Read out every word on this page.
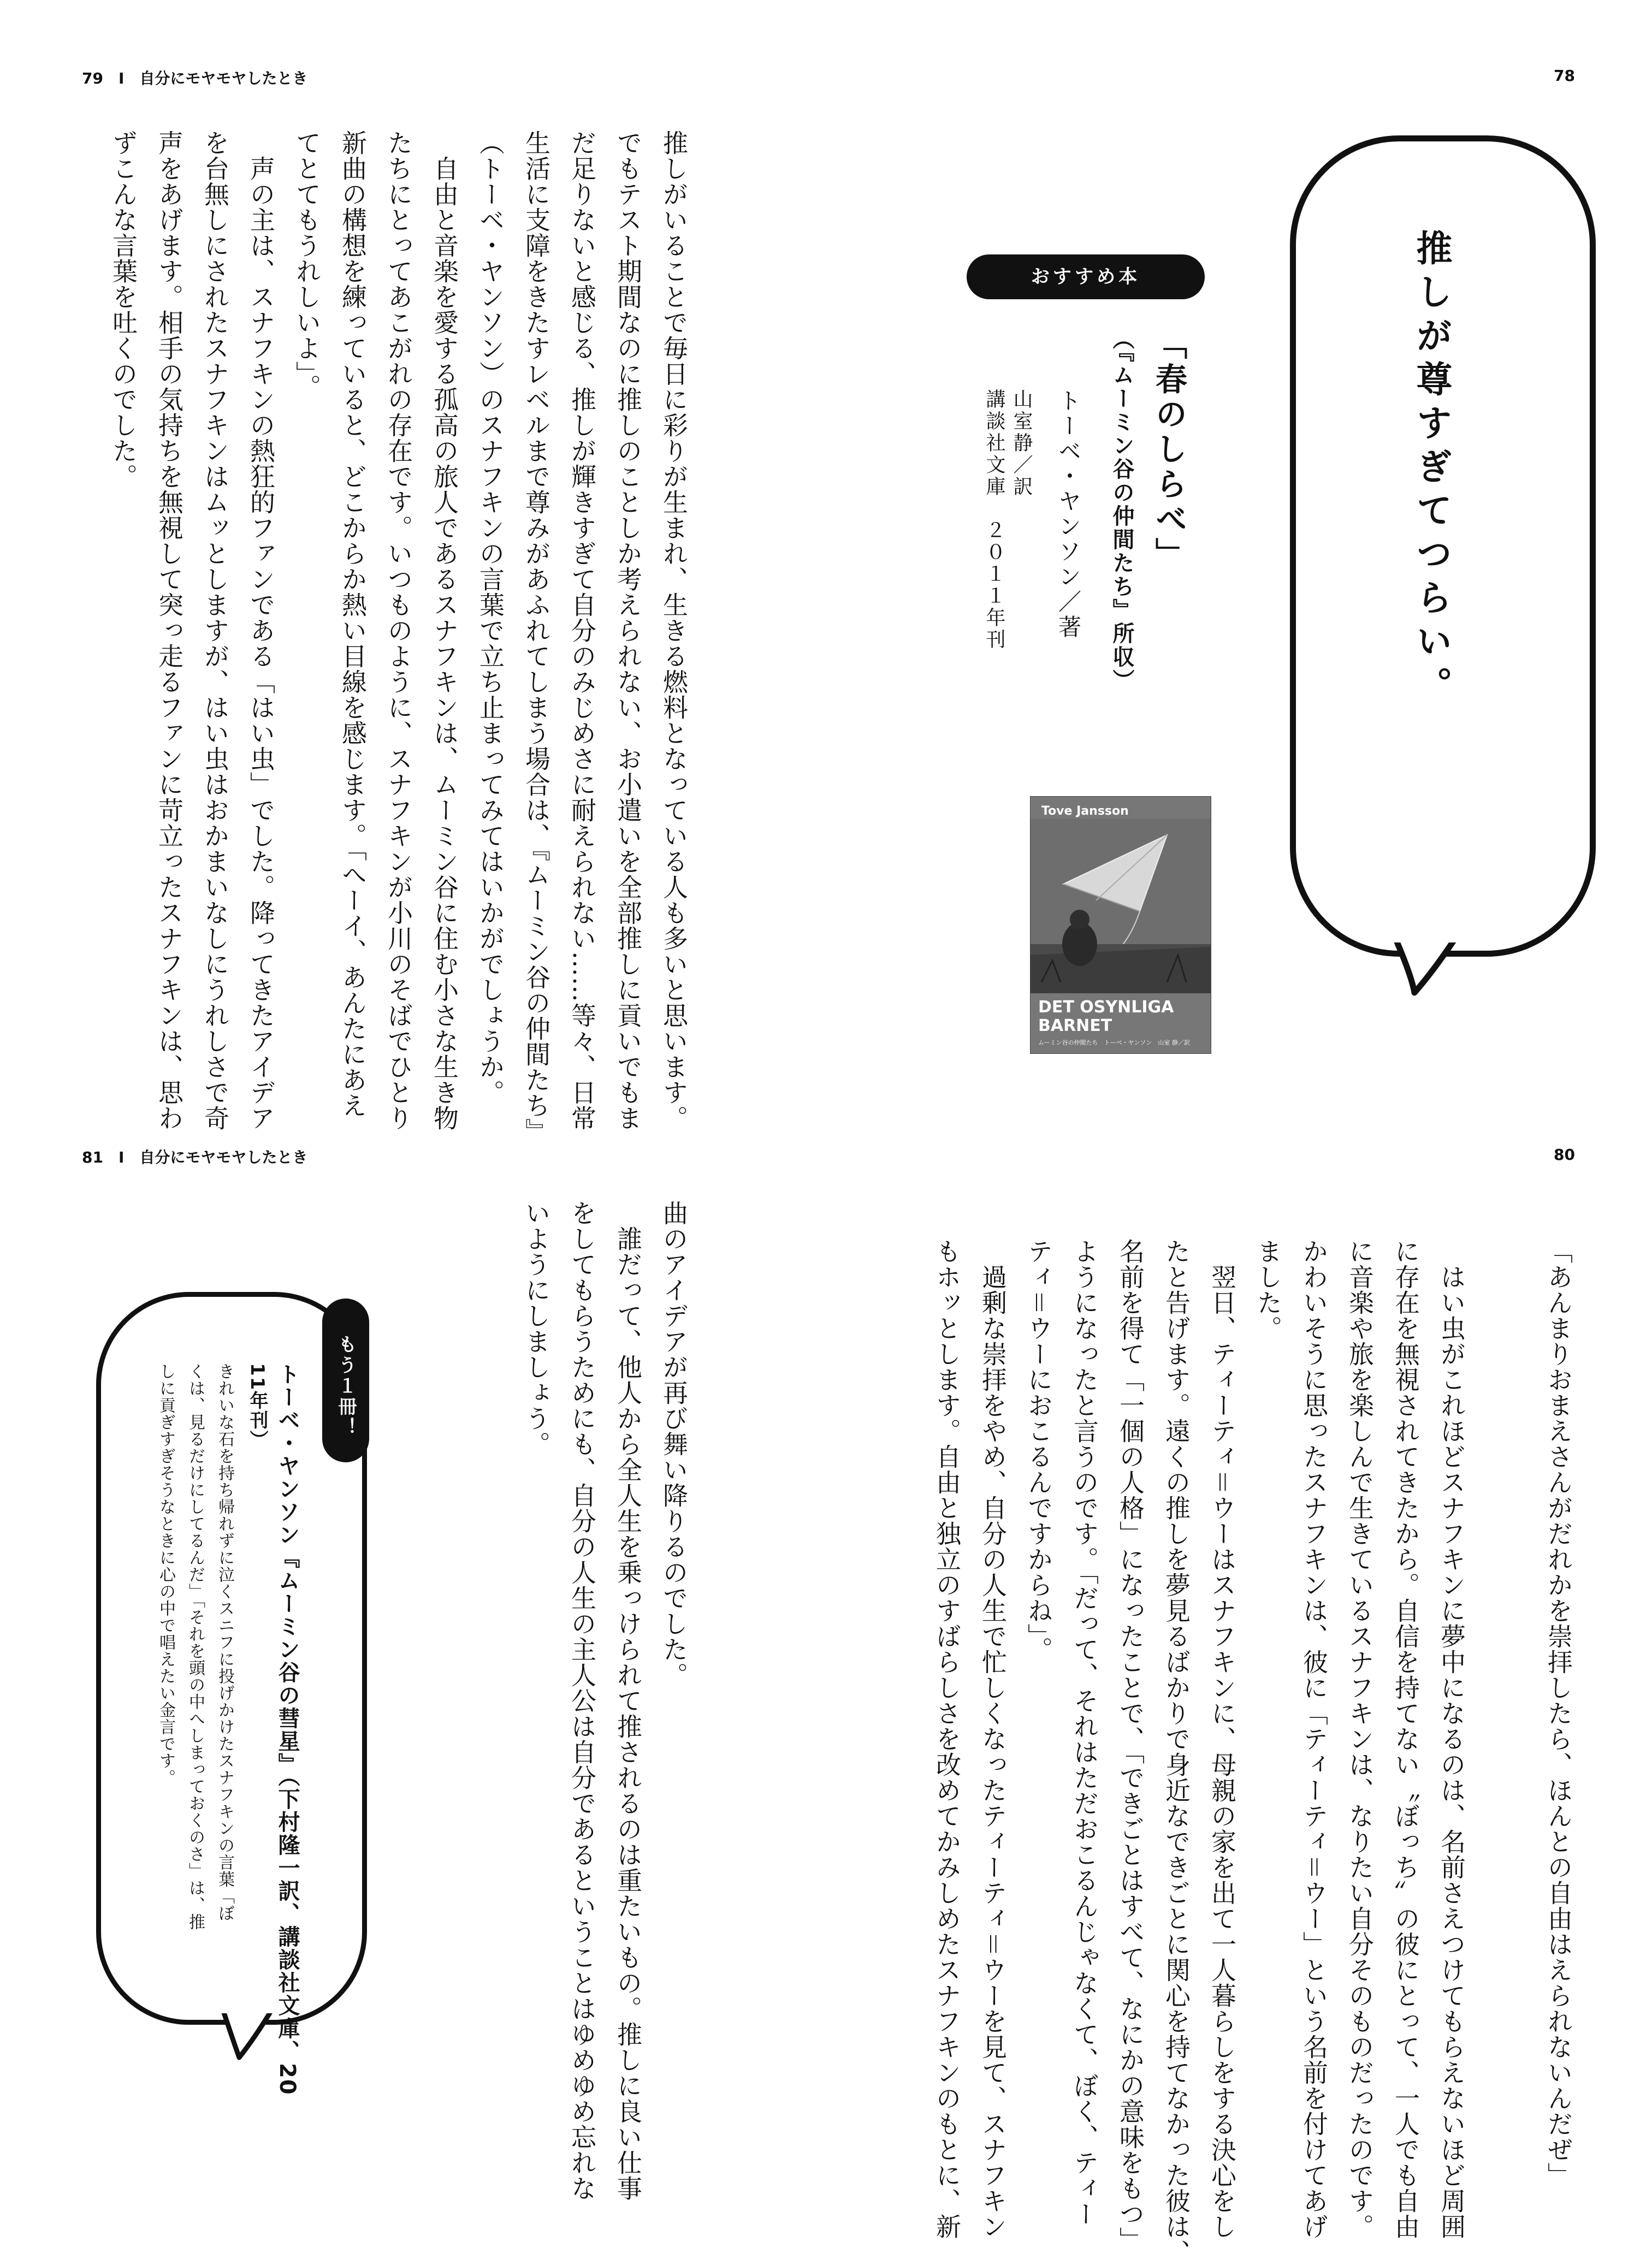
79　I　自分にモヤモヤしたとき	78
81　I　自分にモヤモヤしたとき	80
推しが尊すぎてつらい。
おすすめ本
「春のしらべ」
（『ムーミン谷の仲間たち』所収）
トーベ・ヤンソン／著
山室静／訳
講談社文庫　２０１１年刊
Tove Jansson
DET OSYNLIGA
BARNET
ムーミン谷の仲間たち　トーベ・ヤンソン　山室 静／訳
推しがいることで毎日に彩りが生まれ、生きる燃料となっている人も多いと思います。
でもテスト期間なのに推しのことしか考えられない、お小遣いを全部推しに貢いでもま
だ足りないと感じる、推しが輝きすぎて自分のみじめさに耐えられない……等々、日常
生活に支障をきたすレベルまで尊みがあふれてしまう場合は、『ムーミン谷の仲間たち』
（トーベ・ヤンソン）のスナフキンの言葉で立ち止まってみてはいかがでしょうか。
　自由と音楽を愛する孤高の旅人であるスナフキンは、ムーミン谷に住む小さな生き物
たちにとってあこがれの存在です。いつものように、スナフキンが小川のそばでひとり
新曲の構想を練っていると、どこからか熱い目線を感じます。「へーイ、あんたにあえ
てとてもうれしいよ」。
　声の主は、スナフキンの熱狂的ファンである「はい虫」でした。降ってきたアイデア
を台無しにされたスナフキンはムッとしますが、はい虫はおかまいなしにうれしさで奇
声をあげます。相手の気持ちを無視して突っ走るファンに苛立ったスナフキンは、思わ
ずこんな言葉を吐くのでした。
「あんまりおまえさんがだれかを崇拝したら、ほんとの自由はえられないんだぜ」
　はい虫がこれほどスナフキンに夢中になるのは、名前さえつけてもらえないほど周囲
に存在を無視されてきたから。自信を持てない〝ぼっち〟の彼にとって、一人でも自由
に音楽や旅を楽しんで生きているスナフキンは、なりたい自分そのものだったのです。
かわいそうに思ったスナフキンは、彼に「ティーティ＝ウー」という名前を付けてあげ
ました。
　翌日、ティーティ＝ウーはスナフキンに、母親の家を出て一人暮らしをする決心をし
たと告げます。遠くの推しを夢見るばかりで身近なできごとに関心を持てなかった彼は、
名前を得て「一個の人格」になったことで、「できごとはすべて、なにかの意味をもつ」
ようになったと言うのです。「だって、それはただおこるんじゃなくて、ぼく、ティー
ティ＝ウーにおこるんですからね」。
　過剰な崇拝をやめ、自分の人生で忙しくなったティーティ＝ウーを見て、スナフキン
もホッとします。自由と独立のすばらしさを改めてかみしめたスナフキンのもとに、新
曲のアイデアが再び舞い降りるのでした。
　誰だって、他人から全人生を乗っけられて推されるのは重たいもの。推しに良い仕事
をしてもらうためにも、自分の人生の主人公は自分であるということはゆめゆめ忘れな
いようにしましょう。
もう１冊！
トーベ・ヤンソン『ムーミン谷の彗星』（下村隆一訳、講談社文庫、20
11年刊）
きれいな石を持ち帰れずに泣くスニフに投げかけたスナフキンの言葉「ぼ
くは、見るだけにしてるんだ」「それを頭の中へしまっておくのさ」は、推
しに貢ぎすぎそうなときに心の中で唱えたい金言です。
